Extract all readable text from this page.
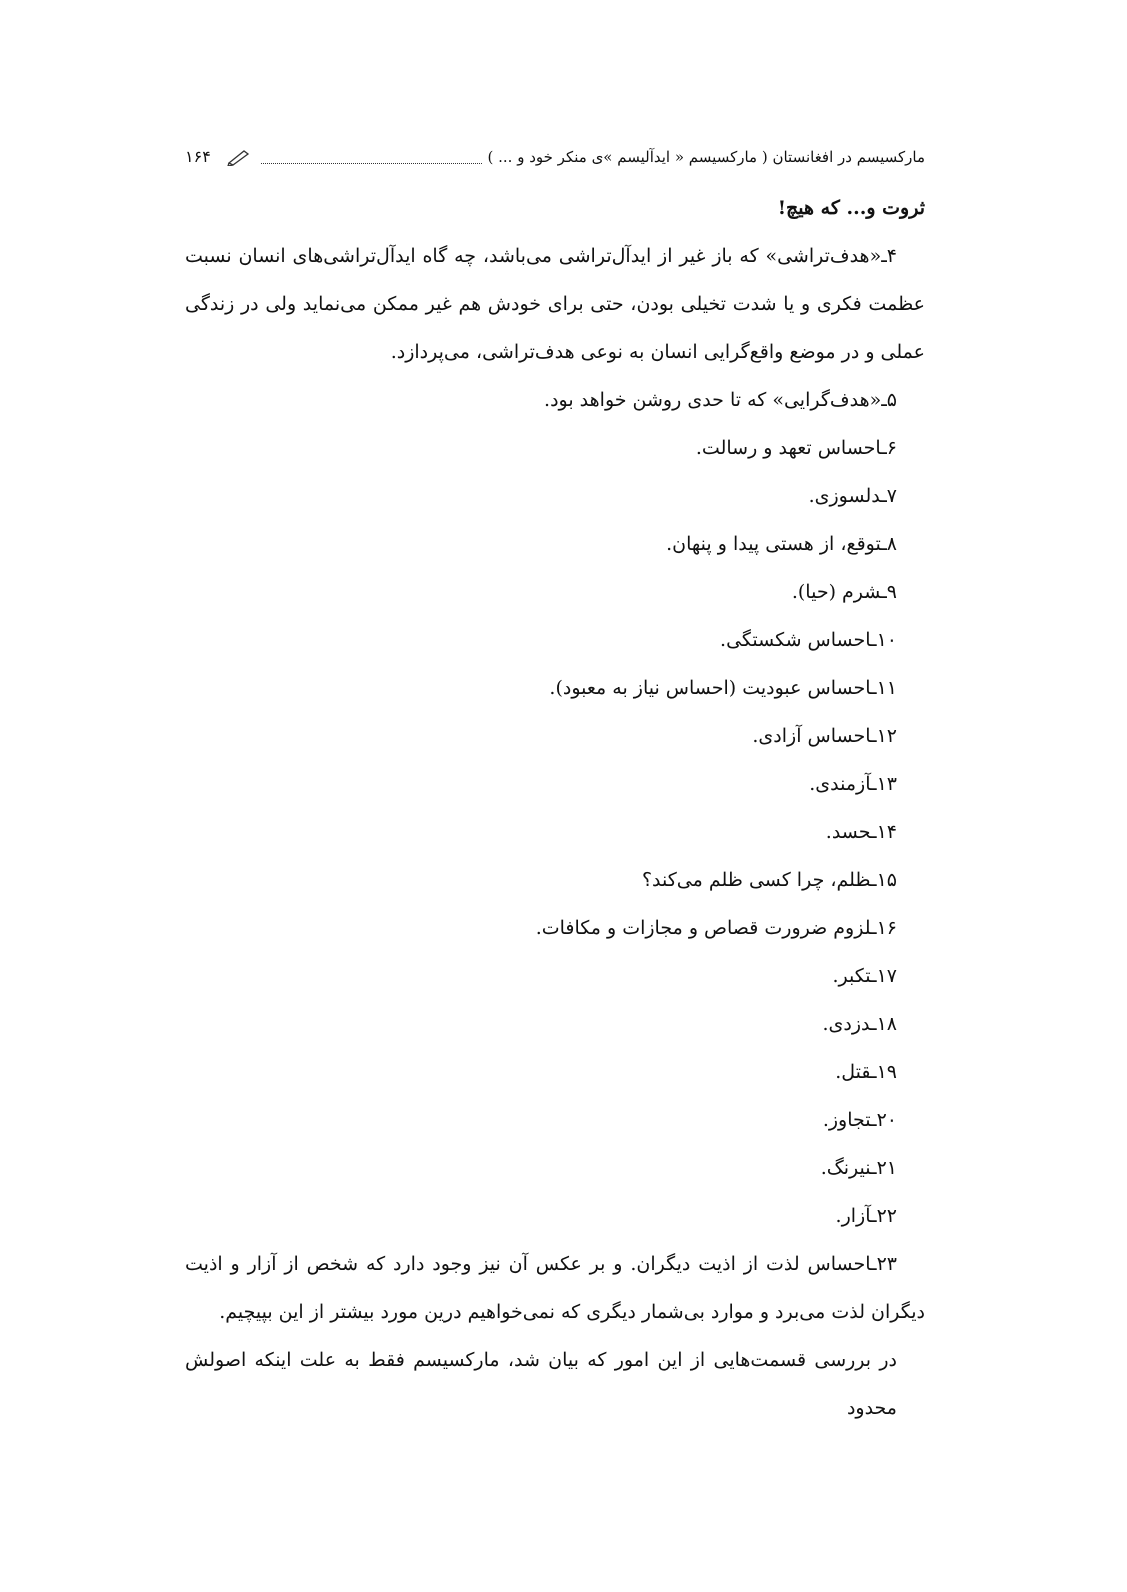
مارکسیسم در افغانستان ( مارکسیسم « ایدآلیسم »ی منکر خود و ... )
۱۶۴

ثروت و... که هیچ!

۴ـ«هدف‌تراشی» که باز غیر از ایدآل‌تراشی می‌باشد، چه گاه ایدآل‌تراشی‌های انسان نسبت

عظمت فکری و یا شدت تخیلی بودن، حتی برای خودش هم غیر ممکن می‌نماید ولی در زندگی

عملی و در موضع واقع‌گرایی انسان به نوعی هدف‌تراشی، می‌پردازد.

۵ـ«هدف‌گرایی» که تا حدی روشن خواهد بود.
۶ـاحساس تعهد و رسالت.
۷ـدلسوزی.
۸ـتوقع، از هستی پیدا و پنهان.
۹ـشرم (حیا).
۱۰ـاحساس شکستگی.
۱۱ـاحساس عبودیت (احساس نیاز به معبود).
۱۲ـاحساس آزادی.
۱۳ـآزمندی.
۱۴ـحسد.
۱۵ـظلم، چرا کسی ظلم می‌کند؟
۱۶ـلزوم ضرورت قصاص و مجازات و مکافات.
۱۷ـتکبر.
۱۸ـدزدی.
۱۹ـقتل.
۲۰ـتجاوز.
۲۱ـنیرنگ.
۲۲ـآزار.

۲۳ـاحساس لذت از اذیت دیگران. و بر عکس آن نیز وجود دارد که شخص از آزار و اذیت

دیگران لذت می‌برد و موارد بی‌شمار دیگری که نمی‌خواهیم درین مورد بیشتر از این بپیچیم.

در بررسی قسمت‌هایی از این امور که بیان شد، مارکسیسم فقط به علت اینکه اصولش محدود
